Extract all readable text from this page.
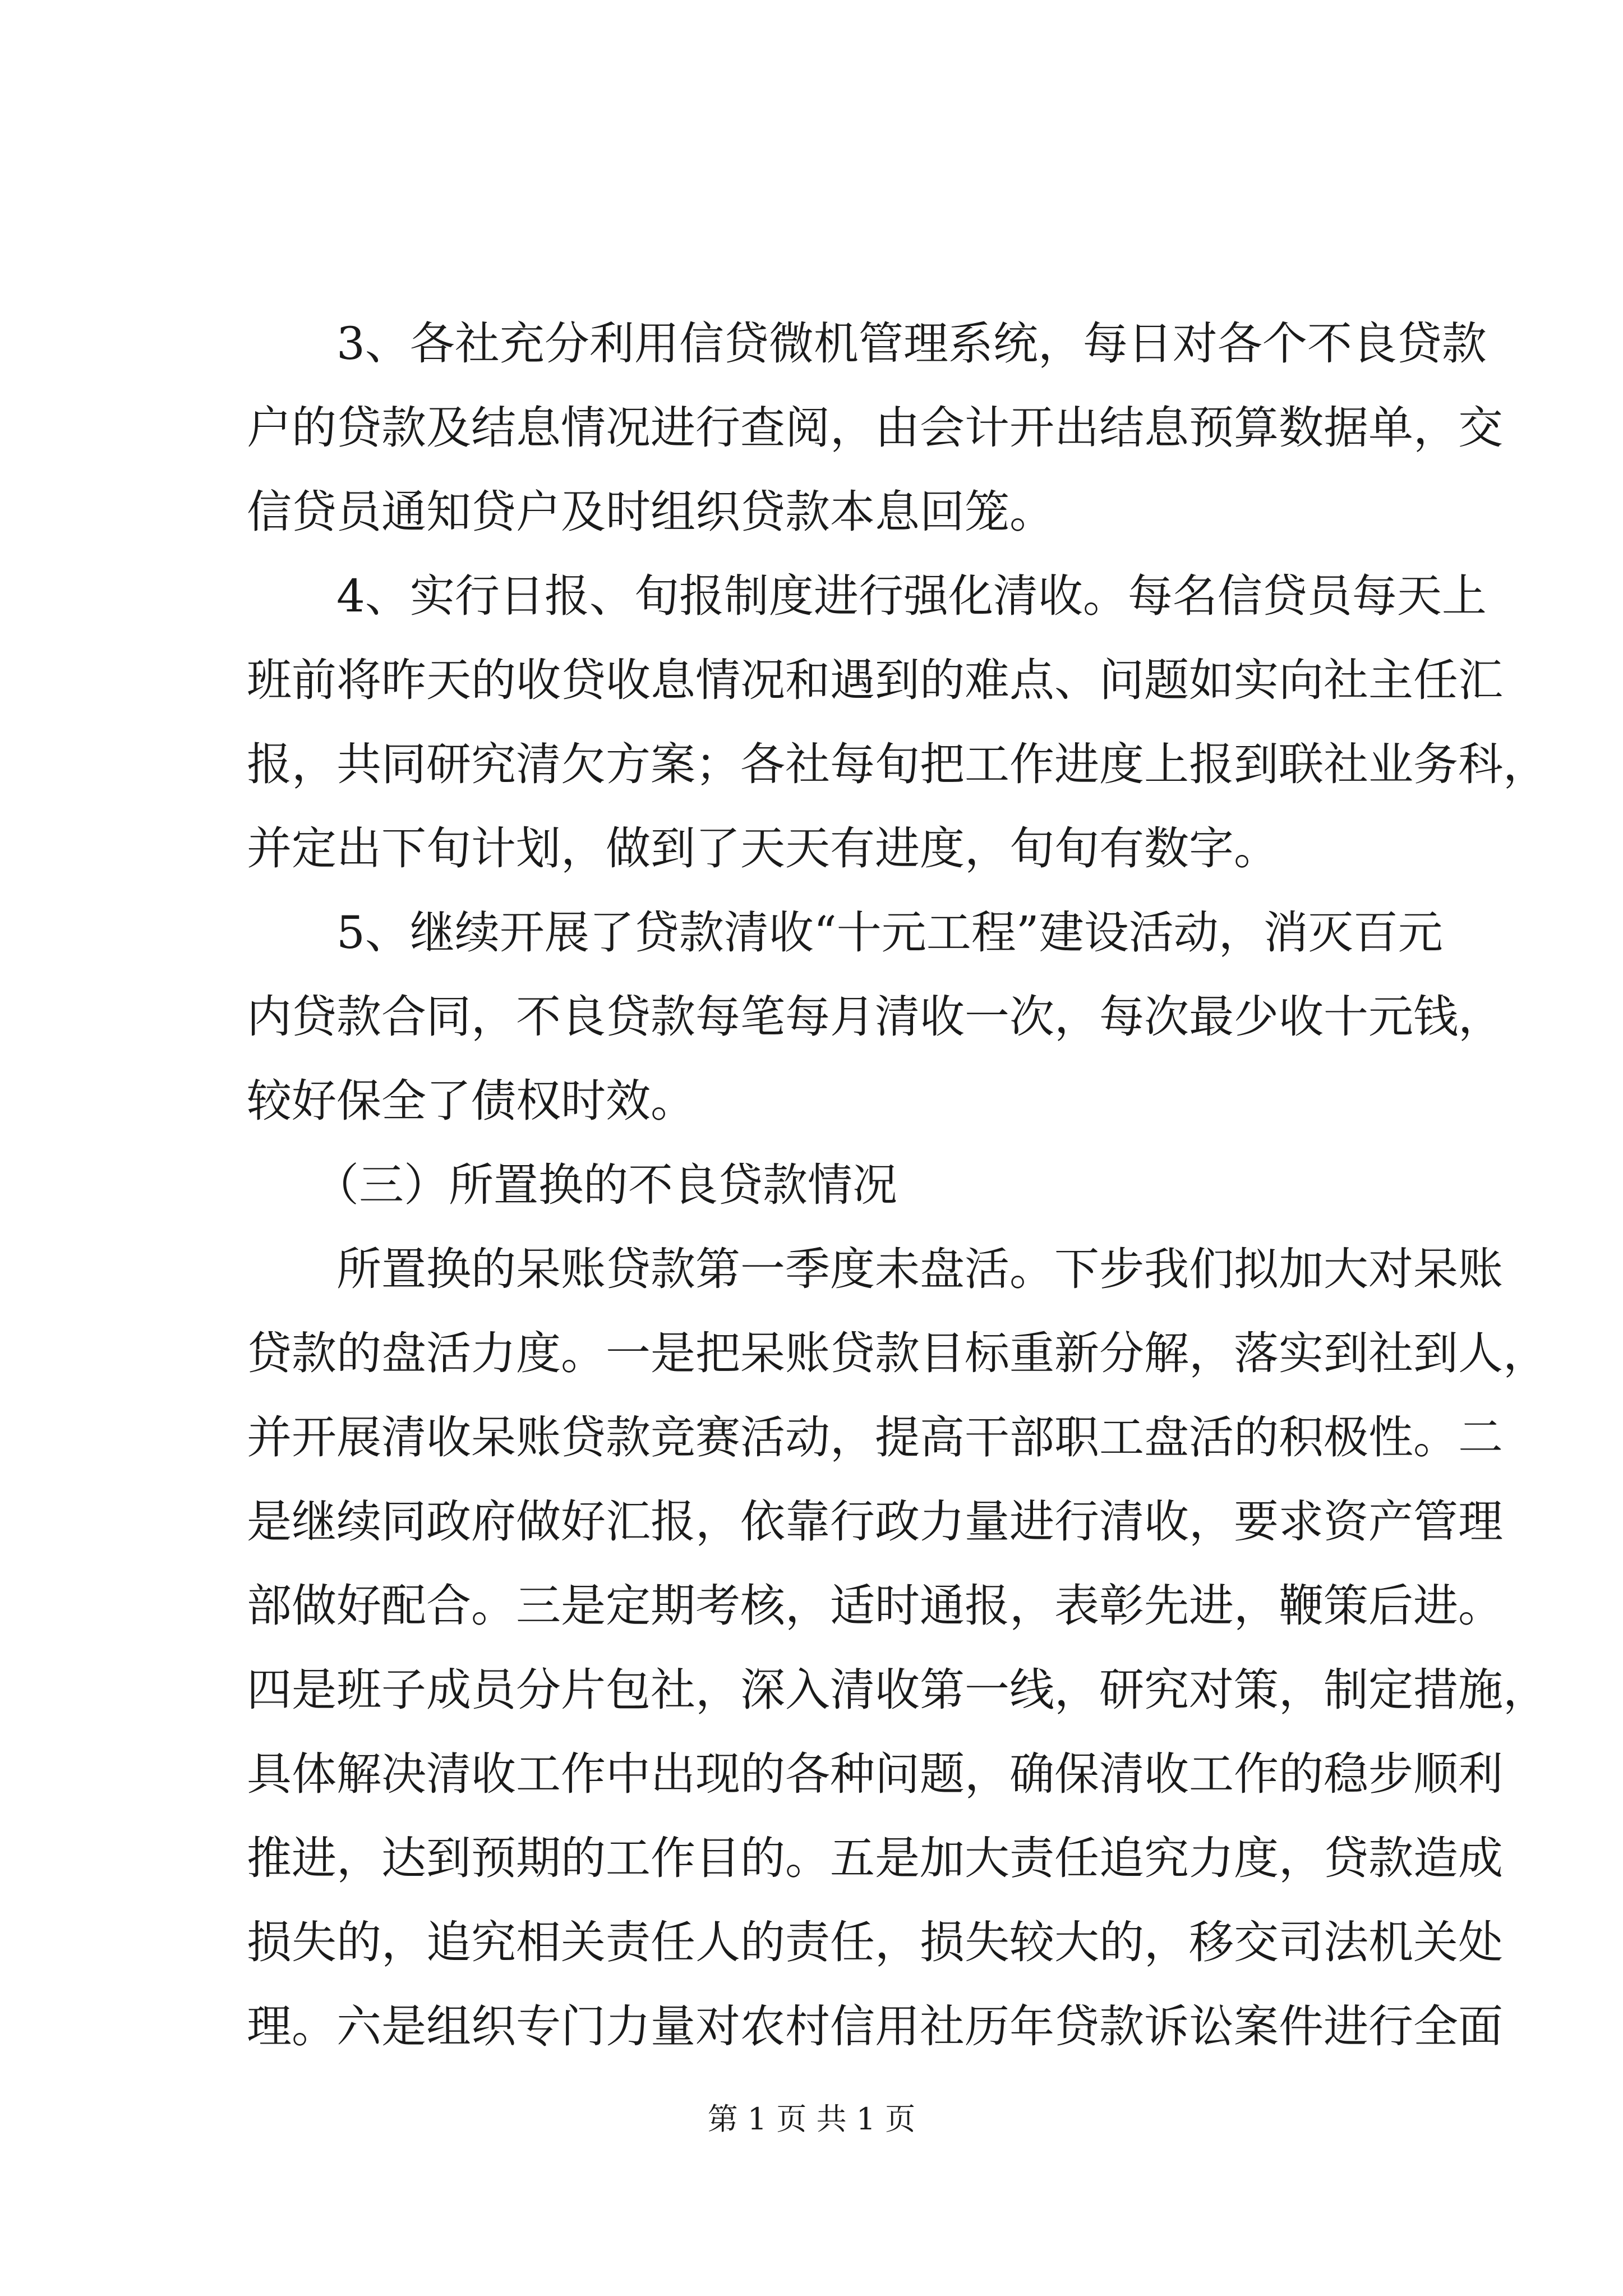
3、各社充分利用信贷微机管理系统，每日对各个不良贷款
户的贷款及结息情况进行查阅，由会计开出结息预算数据单，交
信贷员通知贷户及时组织贷款本息回笼。
4、实行日报、旬报制度进行强化清收。每名信贷员每天上
班前将昨天的收贷收息情况和遇到的难点、问题如实向社主任汇
报，共同研究清欠方案；各社每旬把工作进度上报到联社业务科，
并定出下旬计划，做到了天天有进度，旬旬有数字。
5、继续开展了贷款清收“十元工程”建设活动，消灭百元
内贷款合同，不良贷款每笔每月清收一次，每次最少收十元钱，
较好保全了债权时效。
（三）所置换的不良贷款情况
所置换的呆账贷款第一季度未盘活。下步我们拟加大对呆账
贷款的盘活力度。一是把呆账贷款目标重新分解，落实到社到人，
并开展清收呆账贷款竞赛活动，提高干部职工盘活的积极性。二
是继续同政府做好汇报，依靠行政力量进行清收，要求资产管理
部做好配合。三是定期考核，适时通报，表彰先进，鞭策后进。
四是班子成员分片包社，深入清收第一线，研究对策，制定措施，
具体解决清收工作中出现的各种问题，确保清收工作的稳步顺利
推进，达到预期的工作目的。五是加大责任追究力度，贷款造成
损失的，追究相关责任人的责任，损失较大的，移交司法机关处
理。六是组织专门力量对农村信用社历年贷款诉讼案件进行全面
第 1 页 共 1 页
